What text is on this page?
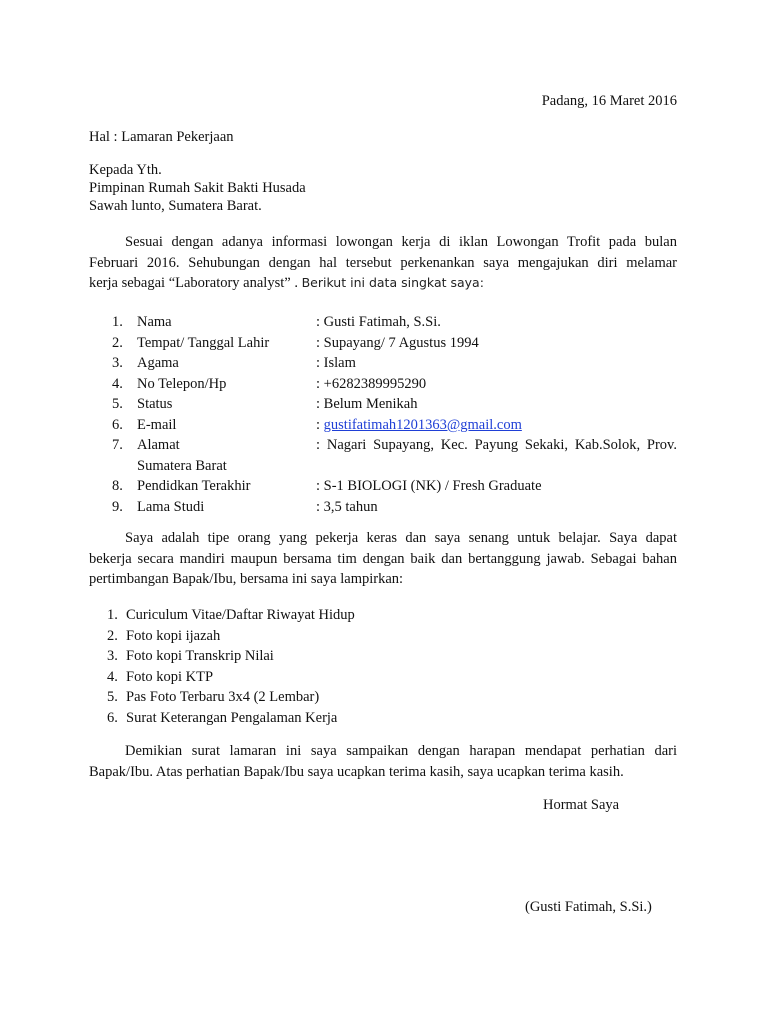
Padang, 16 Maret 2016
Hal : Lamaran Pekerjaan
Kepada Yth.
Pimpinan Rumah Sakit Bakti Husada
Sawah lunto, Sumatera Barat.
Sesuai dengan adanya informasi lowongan kerja di iklan Lowongan Trofit pada bulan
Februari 2016. Sehubungan dengan hal tersebut perkenankan saya mengajukan diri melamar
kerja sebagai “Laboratory analyst” . Berikut ini data singkat saya:
1. Nama	: Gusti Fatimah, S.Si.
2. Tempat/ Tanggal Lahir	: Supayang/ 7 Agustus 1994
3. Agama	: Islam
4. No Telepon/Hp	: +6282389995290
5. Status	: Belum Menikah
6. E-mail	: gustifatimah1201363@gmail.com
7. Alamat	: Nagari Supayang, Kec. Payung Sekaki, Kab.Solok, Prov.
Sumatera Barat
8. Pendidkan Terakhir	: S-1 BIOLOGI (NK) / Fresh Graduate
9. Lama Studi	: 3,5 tahun
Saya adalah tipe orang yang pekerja keras dan saya senang untuk belajar. Saya dapat
bekerja secara mandiri maupun bersama tim dengan baik dan bertanggung jawab. Sebagai bahan
pertimbangan Bapak/Ibu, bersama ini saya lampirkan:
1. Curiculum Vitae/Daftar Riwayat Hidup
2. Foto kopi ijazah
3. Foto kopi Transkrip Nilai
4. Foto kopi KTP
5. Pas Foto Terbaru 3x4 (2 Lembar)
6. Surat Keterangan Pengalaman Kerja
Demikian surat lamaran ini saya sampaikan dengan harapan mendapat perhatian dari
Bapak/Ibu. Atas perhatian Bapak/Ibu saya ucapkan terima kasih, saya ucapkan terima kasih.
Hormat Saya
(Gusti Fatimah, S.Si.)
